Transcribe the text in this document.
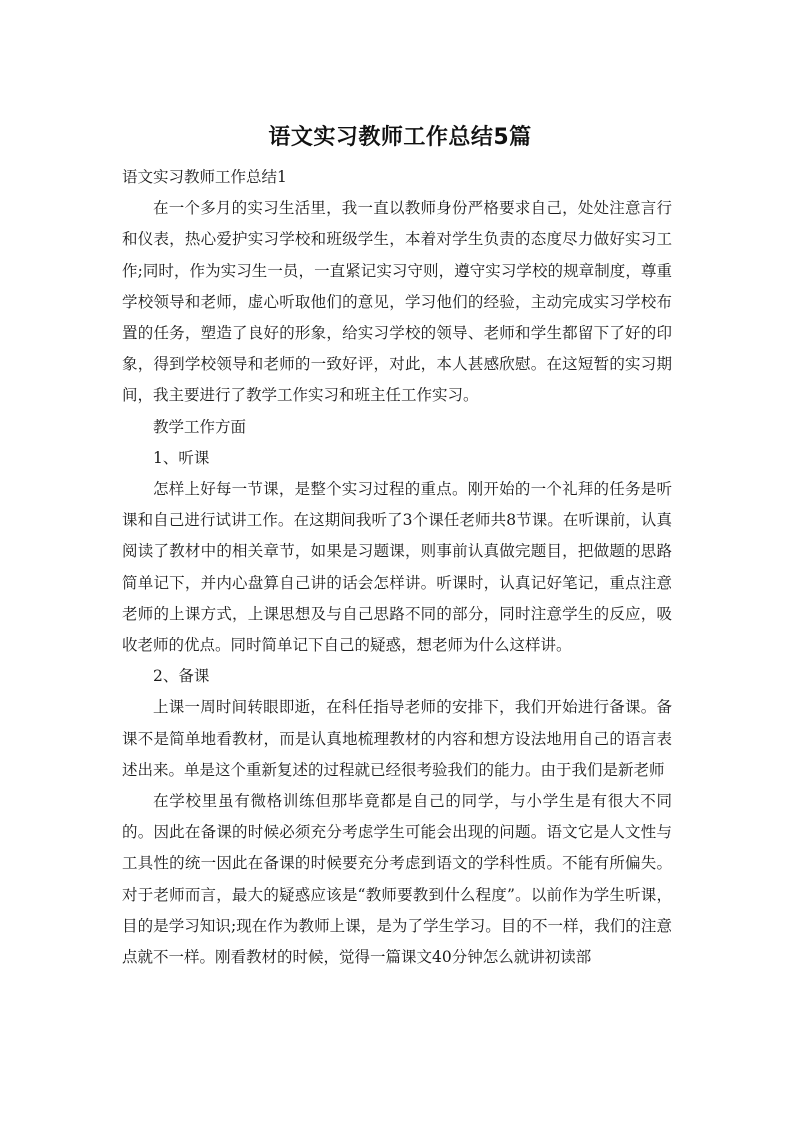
语文实习教师工作总结5篇

语文实习教师工作总结1

在一个多月的实习生活里，我一直以教师身份严格要求自己，处处注意言行和仪表，热心爱护实习学校和班级学生，本着对学生负责的态度尽力做好实习工作;同时，作为实习生一员，一直紧记实习守则，遵守实习学校的规章制度，尊重学校领导和老师，虚心听取他们的意见，学习他们的经验，主动完成实习学校布置的任务，塑造了良好的形象，给实习学校的领导、老师和学生都留下了好的印象，得到学校领导和老师的一致好评，对此，本人甚感欣慰。在这短暂的实习期间，我主要进行了教学工作实习和班主任工作实习。

教学工作方面

1、听课

怎样上好每一节课，是整个实习过程的重点。刚开始的一个礼拜的任务是听课和自己进行试讲工作。在这期间我听了3个课任老师共8节课。在听课前，认真阅读了教材中的相关章节，如果是习题课，则事前认真做完题目，把做题的思路简单记下，并内心盘算自己讲的话会怎样讲。听课时，认真记好笔记，重点注意老师的上课方式，上课思想及与自己思路不同的部分，同时注意学生的反应，吸收老师的优点。同时简单记下自己的疑惑，想老师为什么这样讲。

2、备课

上课一周时间转眼即逝，在科任指导老师的安排下，我们开始进行备课。备课不是简单地看教材，而是认真地梳理教材的内容和想方设法地用自己的语言表述出来。单是这个重新复述的过程就已经很考验我们的能力。由于我们是新老师

在学校里虽有微格训练但那毕竟都是自己的同学，与小学生是有很大不同的。因此在备课的时候必须充分考虑学生可能会出现的问题。语文它是人文性与工具性的统一因此在备课的时候要充分考虑到语文的学科性质。不能有所偏失。对于老师而言，最大的疑惑应该是“教师要教到什么程度”。以前作为学生听课，目的是学习知识;现在作为教师上课，是为了学生学习。目的不一样，我们的注意点就不一样。刚看教材的时候，觉得一篇课文40分钟怎么就讲初读部
